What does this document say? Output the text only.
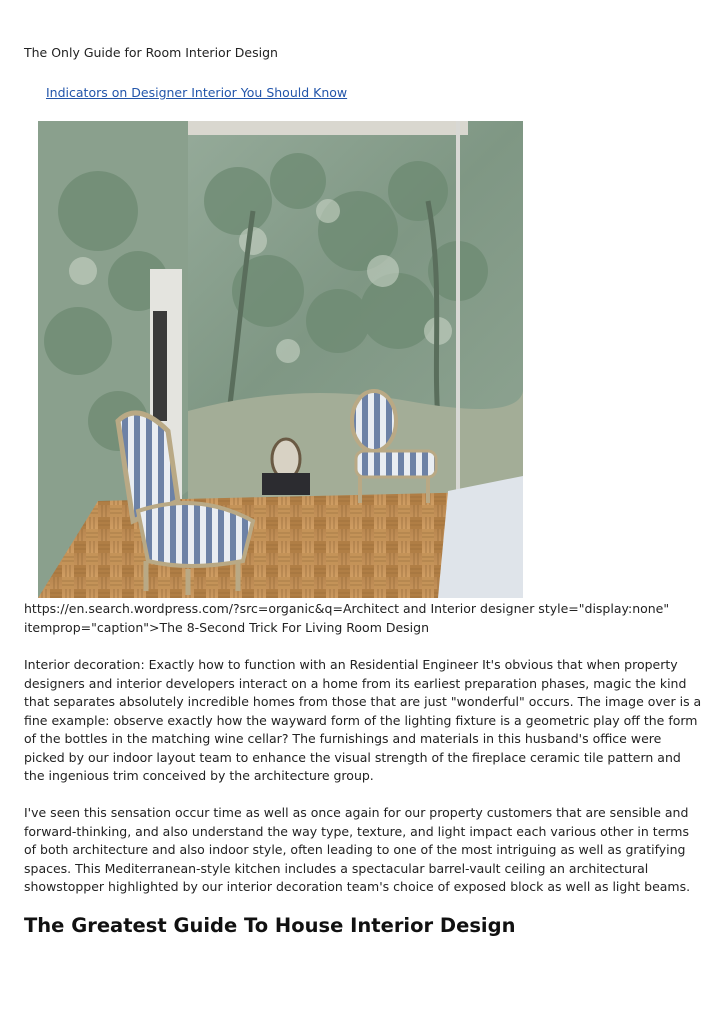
The Only Guide for Room Interior Design
Indicators on Designer Interior You Should Know
https://en.search.wordpress.com/?src=organic&q=Architect and Interior designer style="display:none"
itemprop="caption">The 8-Second Trick For Living Room Design

Interior decoration: Exactly how to function with an Residential Engineer It's obvious that when property designers and interior developers interact on a home from its earliest preparation phases, magic the kind that separates absolutely incredible homes from those that are just "wonderful" occurs. The image over is a fine example: observe exactly how the wayward form of the lighting fixture is a geometric play off the form of the bottles in the matching wine cellar? The furnishings and materials in this husband's office were picked by our indoor layout team to enhance the visual strength of the fireplace ceramic tile pattern and the ingenious trim conceived by the architecture group.

I've seen this sensation occur time as well as once again for our property customers that are sensible and forward-thinking, and also understand the way type, texture, and light impact each various other in terms of both architecture and also indoor style, often leading to one of the most intriguing as well as gratifying spaces. This Mediterranean-style kitchen includes a spectacular barrel-vault ceiling an architectural showstopper highlighted by our interior decoration team's choice of exposed block as well as light beams.

The Greatest Guide To House Interior Design
